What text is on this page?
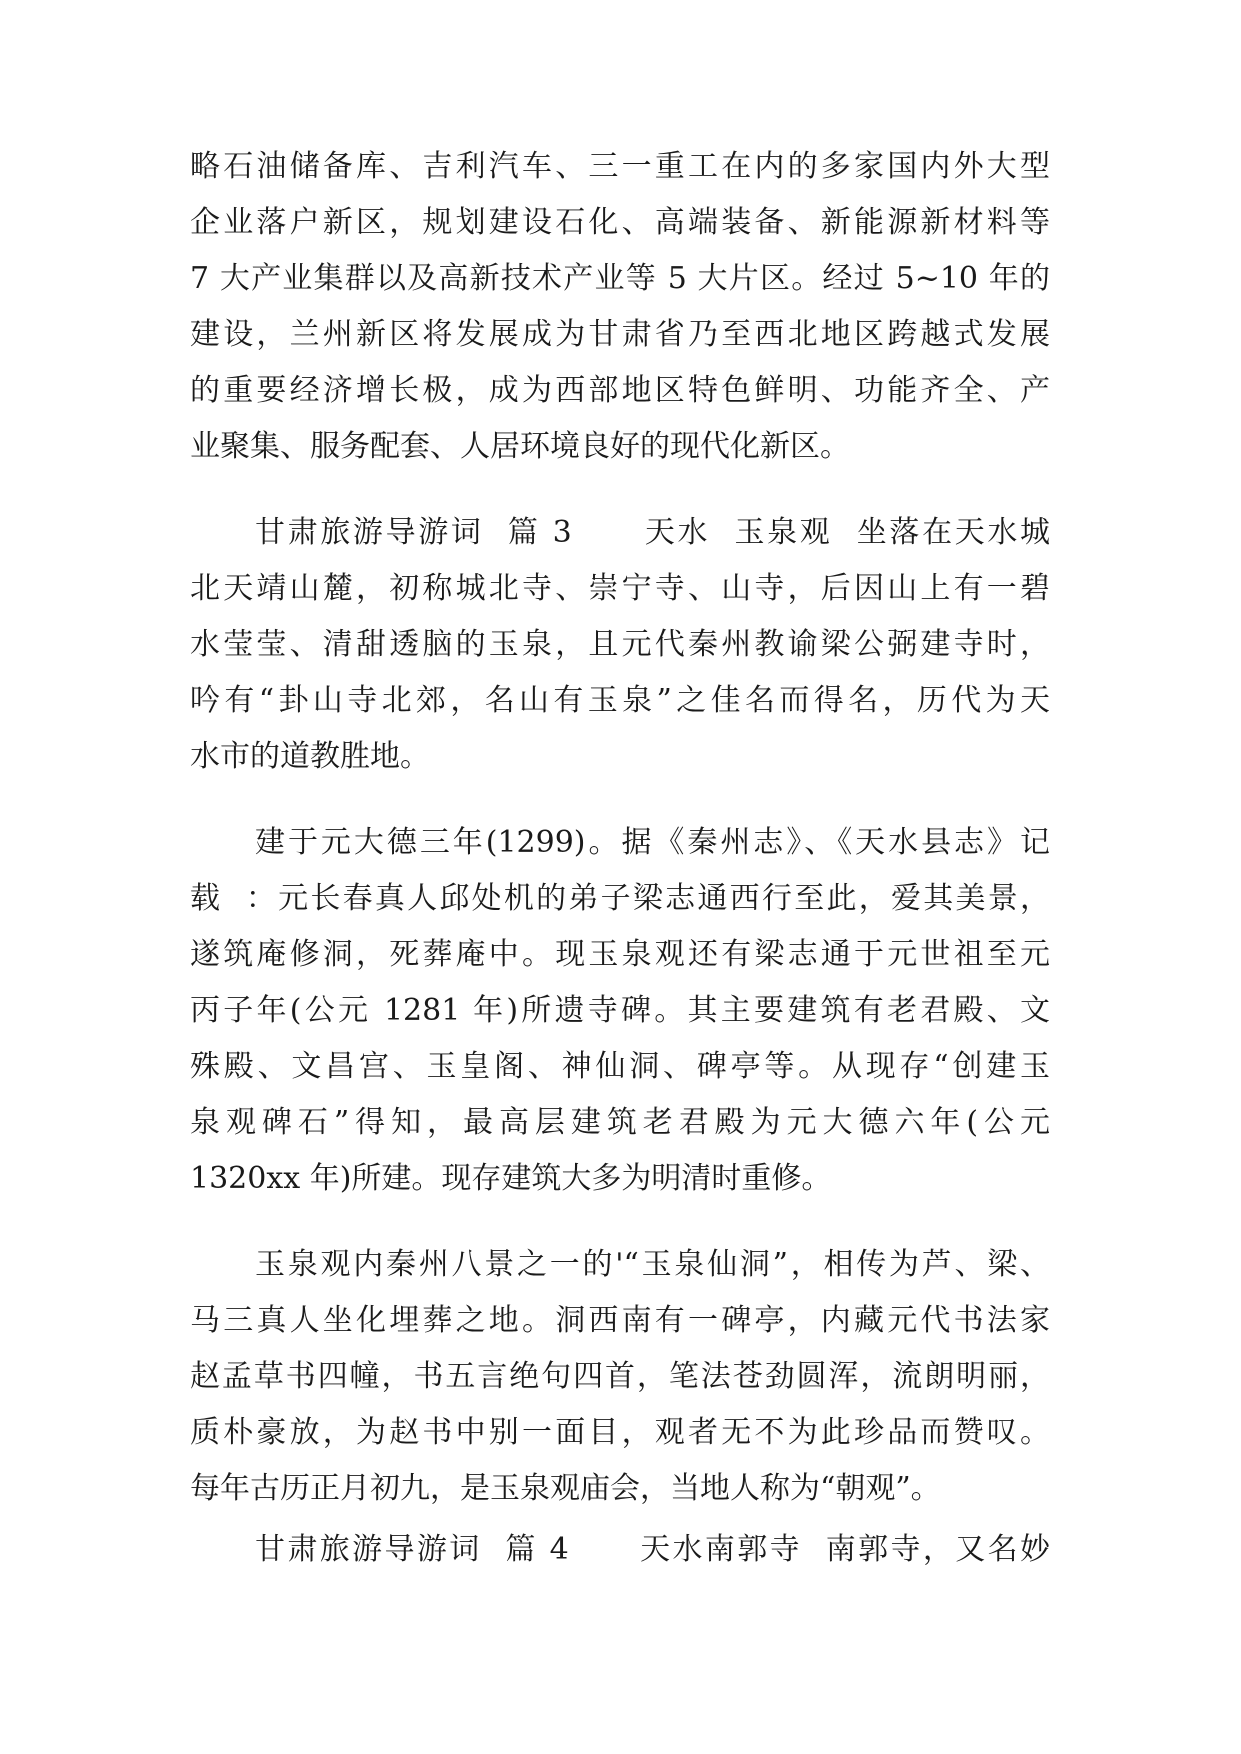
略石油储备库、吉利汽车、三一重工在内的多家国内外大型
企业落户新区，规划建设石化、高端装备、新能源新材料等
7 大产业集群以及高新技术产业等 5 大片区。经过 5~10 年的
建设，兰州新区将发展成为甘肃省乃至西北地区跨越式发展
的重要经济增长极，成为西部地区特色鲜明、功能齐全、产
业聚集、服务配套、人居环境良好的现代化新区。
甘肃旅游导游词  篇 3      天水  玉泉观  坐落在天水城
北天靖山麓，初称城北寺、崇宁寺、山寺，后因山上有一碧
水莹莹、清甜透脑的玉泉，且元代秦州教谕梁公弼建寺时，
吟有“卦山寺北郊，名山有玉泉”之佳名而得名，历代为天
水市的道教胜地。
建于元大德三年(1299)。据《秦州志》、《天水县志》记
载  ：元长春真人邱处机的弟子梁志通西行至此，爱其美景，
遂筑庵修洞，死葬庵中。现玉泉观还有梁志通于元世祖至元
丙子年(公元 1281 年)所遗寺碑。其主要建筑有老君殿、文
殊殿、文昌宫、玉皇阁、神仙洞、碑亭等。从现存“创建玉
泉观碑石”得知，最高层建筑老君殿为元大德六年(公元
1320xx 年)所建。现存建筑大多为明清时重修。
玉泉观内秦州八景之一的'“玉泉仙洞”，相传为芦、梁、
马三真人坐化埋葬之地。洞西南有一碑亭，内藏元代书法家
赵孟草书四幢，书五言绝句四首，笔法苍劲圆浑，流朗明丽，
质朴豪放，为赵书中别一面目，观者无不为此珍品而赞叹。
每年古历正月初九，是玉泉观庙会，当地人称为“朝观”。
甘肃旅游导游词  篇 4      天水南郭寺  南郭寺，又名妙
